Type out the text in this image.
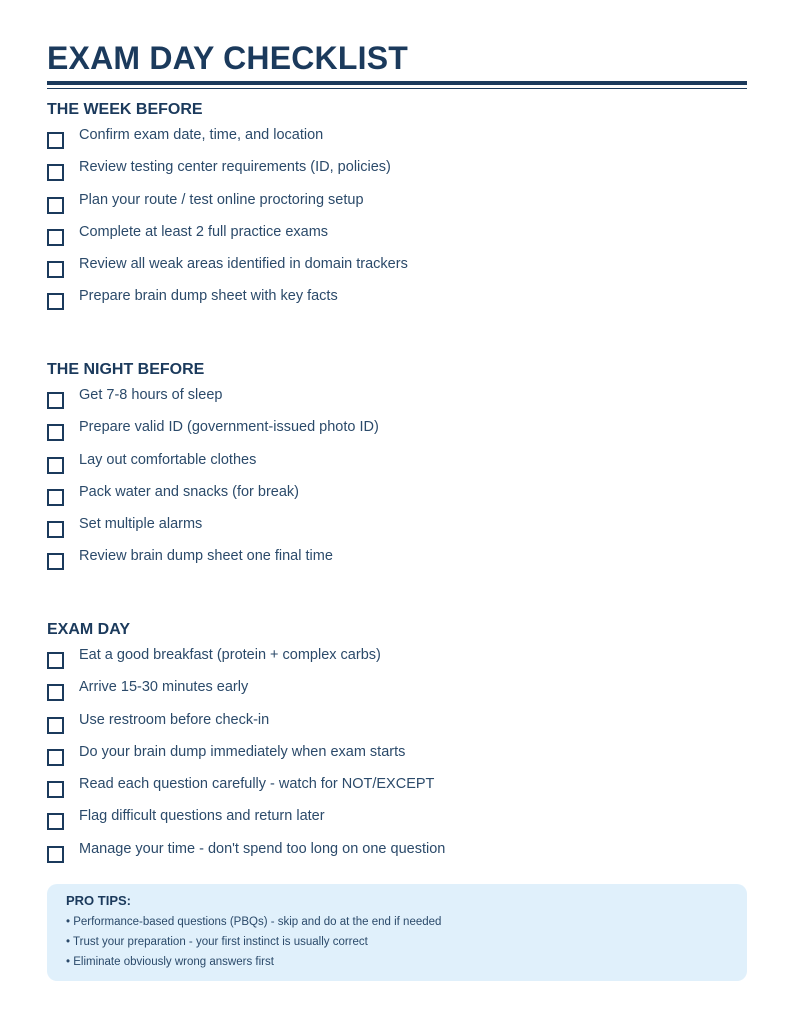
EXAM DAY CHECKLIST
THE WEEK BEFORE
Confirm exam date, time, and location
Review testing center requirements (ID, policies)
Plan your route / test online proctoring setup
Complete at least 2 full practice exams
Review all weak areas identified in domain trackers
Prepare brain dump sheet with key facts
THE NIGHT BEFORE
Get 7-8 hours of sleep
Prepare valid ID (government-issued photo ID)
Lay out comfortable clothes
Pack water and snacks (for break)
Set multiple alarms
Review brain dump sheet one final time
EXAM DAY
Eat a good breakfast (protein + complex carbs)
Arrive 15-30 minutes early
Use restroom before check-in
Do your brain dump immediately when exam starts
Read each question carefully - watch for NOT/EXCEPT
Flag difficult questions and return later
Manage your time - don't spend too long on one question

PRO TIPS:

• Performance-based questions (PBQs) - skip and do at the end if needed
• Trust your preparation - your first instinct is usually correct
• Eliminate obviously wrong answers first
